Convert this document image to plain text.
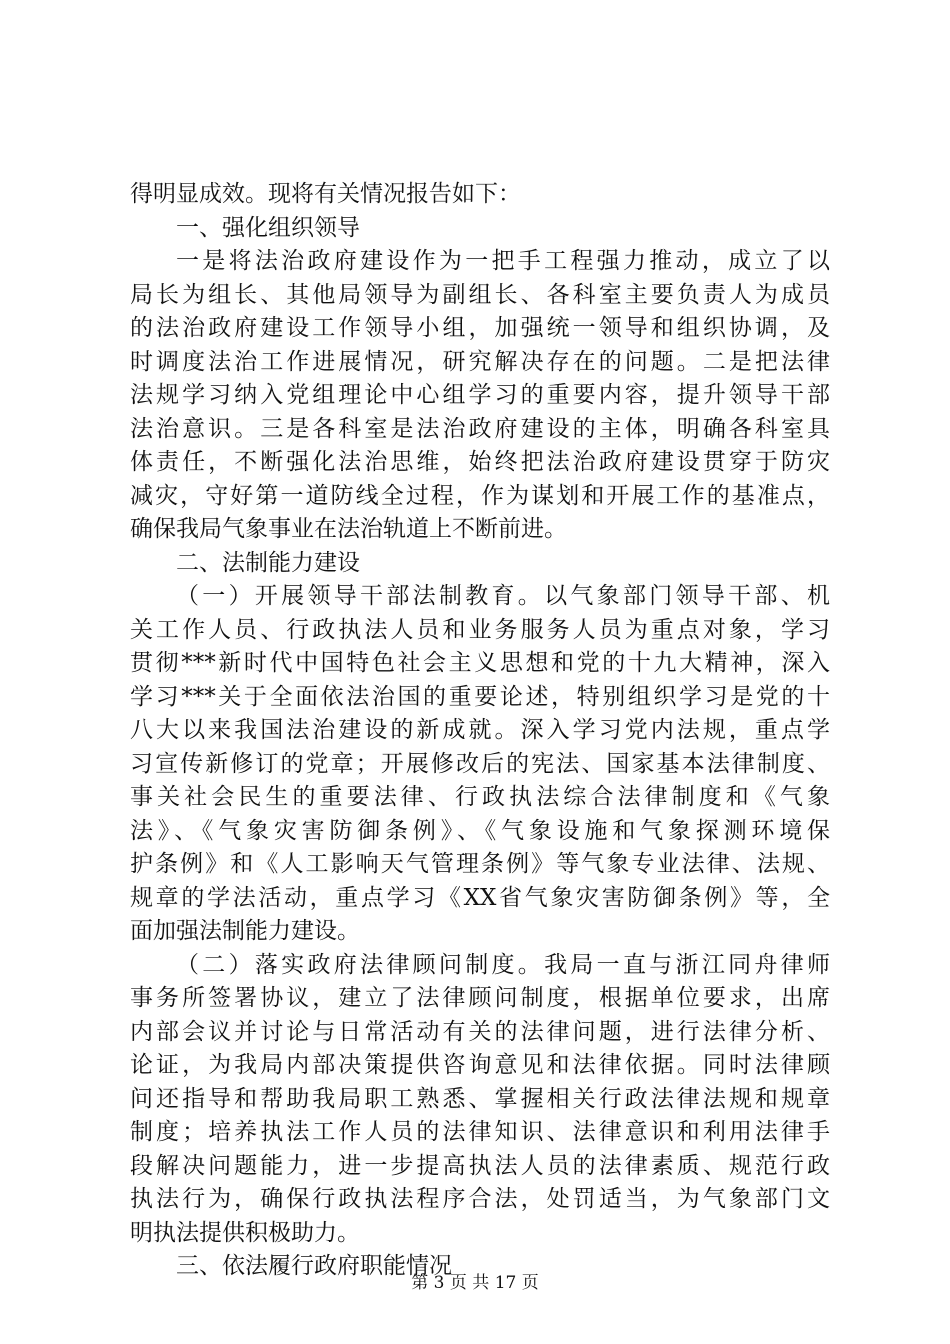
得明显成效。现将有关情况报告如下：
一、强化组织领导
一是将法治政府建设作为一把手工程强力推动，成立了以
局长为组长、其他局领导为副组长、各科室主要负责人为成员
的法治政府建设工作领导小组，加强统一领导和组织协调，及
时调度法治工作进展情况，研究解决存在的问题。二是把法律
法规学习纳入党组理论中心组学习的重要内容，提升领导干部
法治意识。三是各科室是法治政府建设的主体，明确各科室具
体责任，不断强化法治思维，始终把法治政府建设贯穿于防灾
减灾，守好第一道防线全过程，作为谋划和开展工作的基准点，
确保我局气象事业在法治轨道上不断前进。
二、法制能力建设
（一）开展领导干部法制教育。以气象部门领导干部、机
关工作人员、行政执法人员和业务服务人员为重点对象，学习
贯彻***新时代中国特色社会主义思想和党的十九大精神，深入
学习***关于全面依法治国的重要论述，特别组织学习是党的十
八大以来我国法治建设的新成就。深入学习党内法规，重点学
习宣传新修订的党章；开展修改后的宪法、国家基本法律制度、
事关社会民生的重要法律、行政执法综合法律制度和《气象
法》、《气象灾害防御条例》、《气象设施和气象探测环境保
护条例》和《人工影响天气管理条例》等气象专业法律、法规、
规章的学法活动，重点学习《XX省气象灾害防御条例》等，全
面加强法制能力建设。
（二）落实政府法律顾问制度。我局一直与浙江同舟律师
事务所签署协议，建立了法律顾问制度，根据单位要求，出席
内部会议并讨论与日常活动有关的法律问题，进行法律分析、
论证，为我局内部决策提供咨询意见和法律依据。同时法律顾
问还指导和帮助我局职工熟悉、掌握相关行政法律法规和规章
制度；培养执法工作人员的法律知识、法律意识和利用法律手
段解决问题能力，进一步提高执法人员的法律素质、规范行政
执法行为，确保行政执法程序合法，处罚适当，为气象部门文
明执法提供积极助力。
三、依法履行政府职能情况
第 3 页 共 17 页
